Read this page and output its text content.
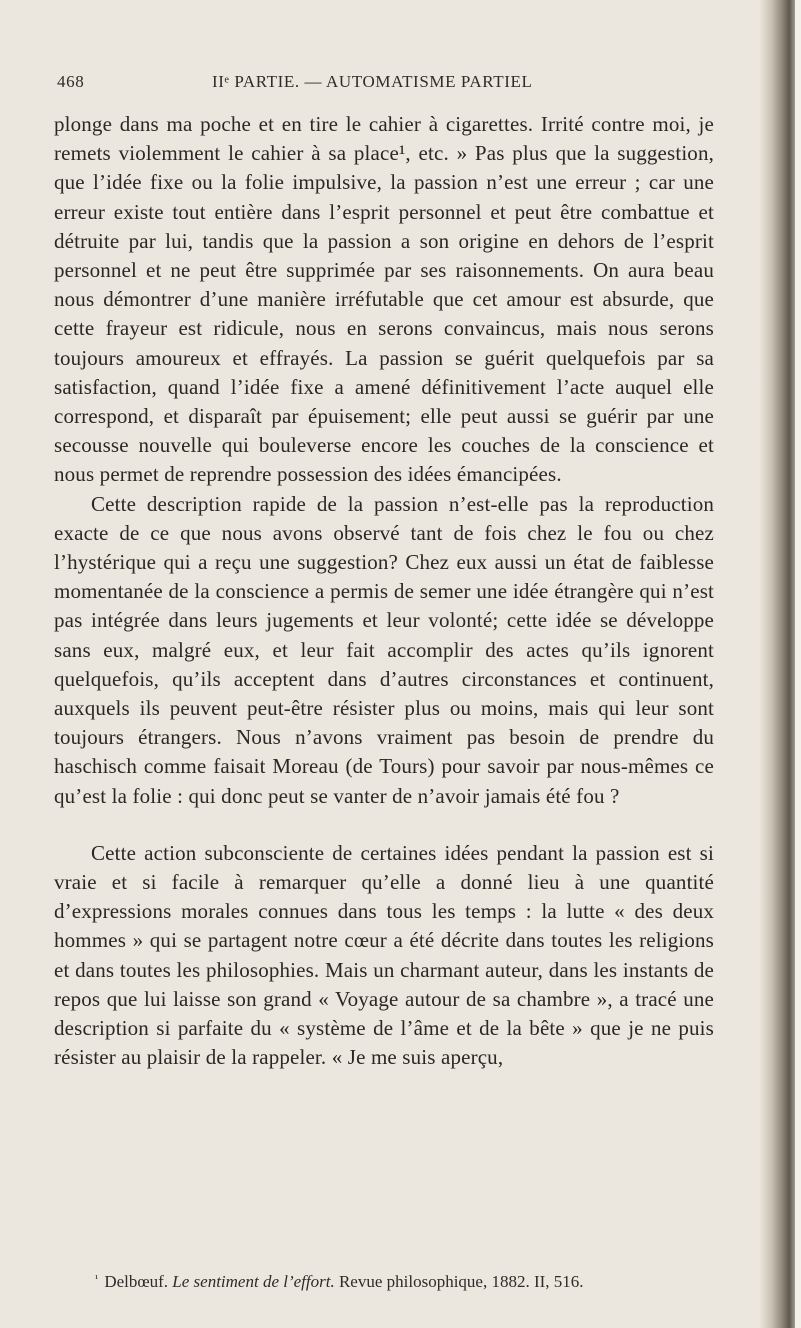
468	IIᵉ PARTIE. — AUTOMATISME PARTIEL

plonge dans ma poche et en tire le cahier à cigarettes. Irrité contre moi, je remets violemment le cahier à sa place¹, etc. » Pas plus que la suggestion, que l’idée fixe ou la folie impulsive, la passion n’est une erreur ; car une erreur existe tout entière dans l’esprit personnel et peut être combattue et détruite par lui, tandis que la passion a son origine en dehors de l’esprit personnel et ne peut être supprimée par ses raisonnements. On aura beau nous démontrer d’une manière irréfutable que cet amour est absurde, que cette frayeur est ridicule, nous en serons convaincus, mais nous serons toujours amoureux et effrayés. La passion se guérit quelquefois par sa satisfaction, quand l’idée fixe a amené définitivement l’acte auquel elle correspond, et disparaît par épuisement; elle peut aussi se guérir par une secousse nouvelle qui bouleverse encore les couches de la conscience et nous permet de reprendre possession des idées émancipées.

Cette description rapide de la passion n’est-elle pas la reproduction exacte de ce que nous avons observé tant de fois chez le fou ou chez l’hystérique qui a reçu une suggestion? Chez eux aussi un état de faiblesse momentanée de la conscience a permis de semer une idée étrangère qui n’est pas intégrée dans leurs jugements et leur volonté; cette idée se développe sans eux, malgré eux, et leur fait accomplir des actes qu’ils ignorent quelquefois, qu’ils acceptent dans d’autres circonstances et continuent, auxquels ils peuvent peut-être résister plus ou moins, mais qui leur sont toujours étrangers. Nous n’avons vraiment pas besoin de prendre du haschisch comme faisait Moreau (de Tours) pour savoir par nous-mêmes ce qu’est la folie : qui donc peut se vanter de n’avoir jamais été fou ?

Cette action subconsciente de certaines idées pendant la passion est si vraie et si facile à remarquer qu’elle a donné lieu à une quantité d’expressions morales connues dans tous les temps : la lutte « des deux hommes » qui se partagent notre cœur a été décrite dans toutes les religions et dans toutes les philosophies. Mais un charmant auteur, dans les instants de repos que lui laisse son grand « Voyage autour de sa chambre », a tracé une description si parfaite du « système de l’âme et de la bête » que je ne puis résister au plaisir de la rappeler. « Je me suis aperçu,

$^{^1}$ Delbœuf. Le sentiment de l’effort. Revue philosophique, 1882. II, 516.
